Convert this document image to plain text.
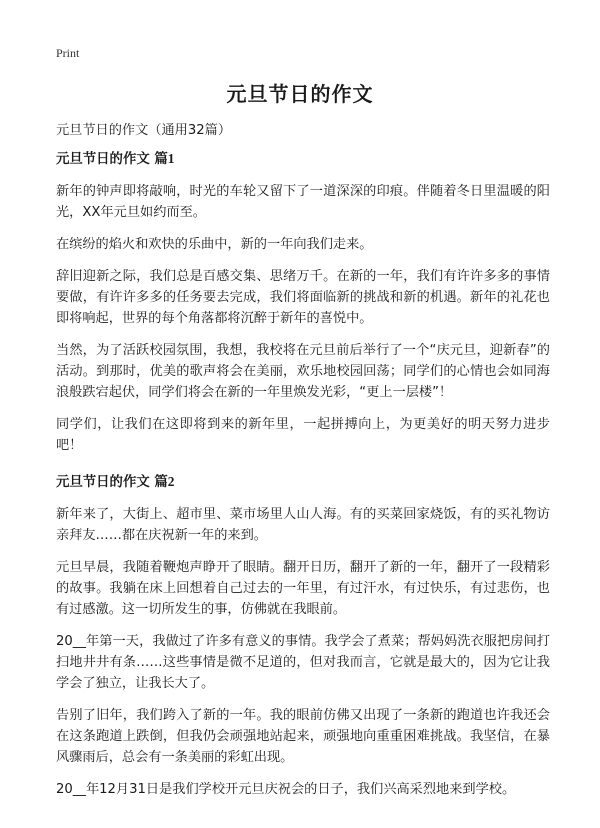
Print
元旦节日的作文

元旦节日的作文（通用32篇）

元旦节日的作文 篇1

新年的钟声即将敲响，时光的车轮又留下了一道深深的印痕。伴随着冬日里温暖的阳光，XX年元旦如约而至。

在缤纷的焰火和欢快的乐曲中，新的一年向我们走来。

辞旧迎新之际，我们总是百感交集、思绪万千。在新的一年，我们有许许多多的事情要做，有许许多多的任务要去完成，我们将面临新的挑战和新的机遇。新年的礼花也即将响起，世界的每个角落都将沉醉于新年的喜悦中。

当然，为了活跃校园氛围，我想，我校将在元旦前后举行了一个“庆元旦，迎新春”的活动。到那时，优美的歌声将会在美丽，欢乐地校园回荡；同学们的心情也会如同海浪般跌宕起伏，同学们将会在新的一年里焕发光彩，“更上一层楼”！

同学们，让我们在这即将到来的新年里，一起拼搏向上，为更美好的明天努力进步吧！

元旦节日的作文 篇2

新年来了，大街上、超市里、菜市场里人山人海。有的买菜回家烧饭，有的买礼物访亲拜友……都在庆祝新一年的来到。

元旦早晨，我随着鞭炮声睁开了眼睛。翻开日历，翻开了新的一年，翻开了一段精彩的故事。我躺在床上回想着自己过去的一年里，有过汗水，有过快乐，有过悲伤，也有过感激。这一切所发生的事，仿佛就在我眼前。

20__年第一天，我做过了许多有意义的事情。我学会了煮菜；帮妈妈洗衣服把房间打扫地井井有条……这些事情是微不足道的，但对我而言，它就是最大的，因为它让我学会了独立，让我长大了。

告别了旧年，我们跨入了新的一年。我的眼前仿佛又出现了一条新的跑道也许我还会在这条跑道上跌倒，但我仍会顽强地站起来，顽强地向重重困难挑战。我坚信，在暴风骤雨后，总会有一条美丽的彩虹出现。

20__年12月31日是我们学校开元旦庆祝会的日子，我们兴高采烈地来到学校。
